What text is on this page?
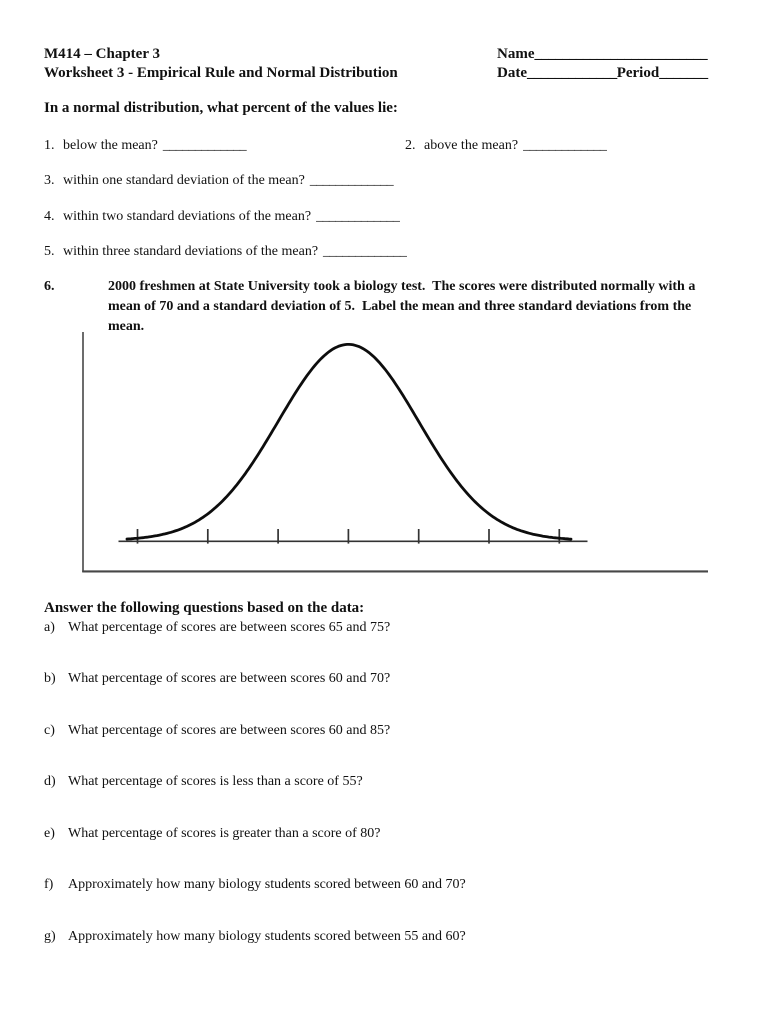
M414 – Chapter 3
Worksheet 3 - Empirical Rule and Normal Distribution
Name_________________________
Date_____________Period_______
In a normal distribution, what percent of the values lie:
1. below the mean? _____________	2. above the mean? _____________
3. within one standard deviation of the mean? _____________
4. within two standard deviations of the mean? _____________
5. within three standard deviations of the mean? _____________
6.	2000 freshmen at State University took a biology test.  The scores were distributed normally with a
mean of 70 and a standard deviation of 5.  Label the mean and three standard deviations from the
mean.
Answer the following questions based on the data:
a) What percentage of scores are between scores 65 and 75?
b) What percentage of scores are between scores 60 and 70?
c) What percentage of scores are between scores 60 and 85?
d) What percentage of scores is less than a score of 55?
e) What percentage of scores is greater than a score of 80?
f) Approximately how many biology students scored between 60 and 70?
g) Approximately how many biology students scored between 55 and 60?
